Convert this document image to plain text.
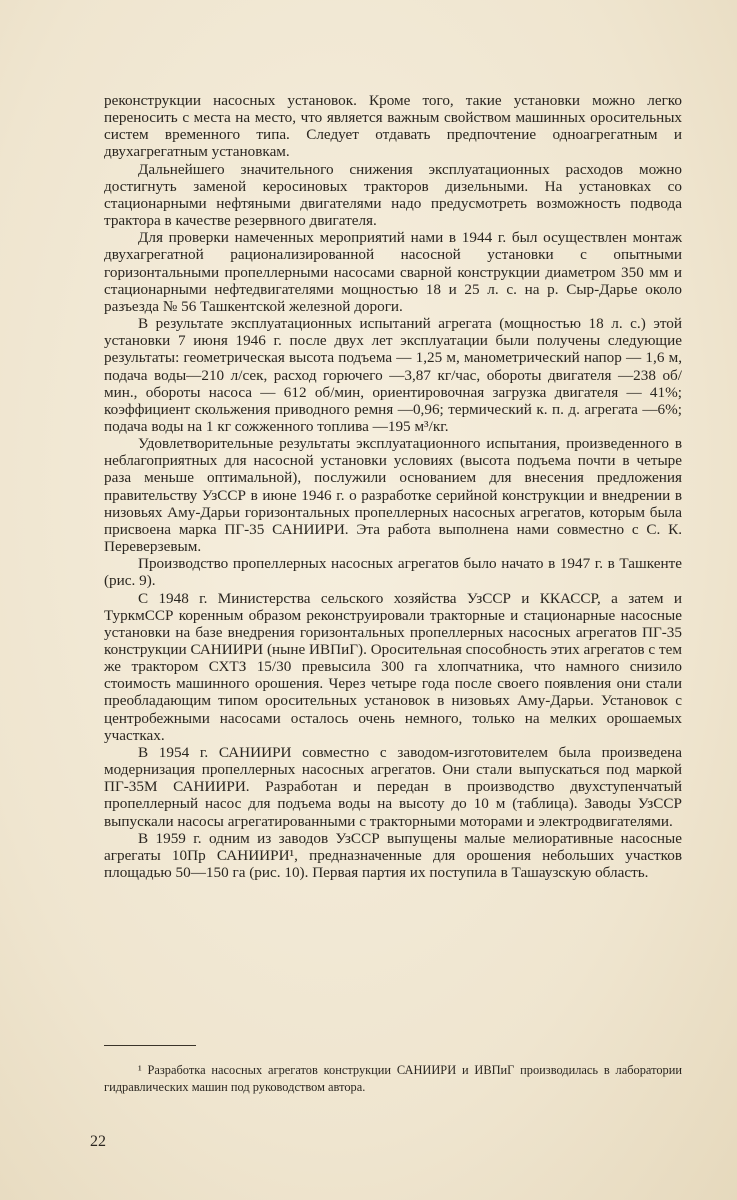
реконструкции насосных установок. Кроме того, такие установки можно легко переносить с места на место, что является важным свойством машинных оросительных систем временного типа. Следует отдавать предпочтение одноагрегатным и двухагрегатным установкам.

Дальнейшего значительного снижения эксплуатационных расходов можно достигнуть заменой керосиновых тракторов дизельными. На установках со стационарными нефтяными двигателями надо предусмотреть возможность подвода трактора в качестве резервного двигателя.

Для проверки намеченных мероприятий нами в 1944 г. был осуществлен монтаж двухагрегатной рационализированной насосной установки с опытными горизонтальными пропеллерными насосами сварной конструкции диаметром 350 мм и стационарными нефтедвигателями мощностью 18 и 25 л. с. на р. Сыр-Дарье около разъезда № 56 Ташкентской железной дороги.

В результате эксплуатационных испытаний агрегата (мощностью 18 л. с.) этой установки 7 июня 1946 г. после двух лет эксплуатации были получены следующие результаты: геометрическая высота подъема — 1,25 м, манометрический напор — 1,6 м, подача воды—210 л/сек, расход горючего —3,87 кг/час, обороты двигателя —238 об/мин., обороты насоса — 612 об/мин, ориентировочная загрузка двигателя — 41%; коэффициент скольжения приводного ремня —0,96; термический к. п. д. агрегата —6%; подача воды на 1 кг сожженного топлива —195 м³/кг.

Удовлетворительные результаты эксплуатационного испытания, произведенного в неблагоприятных для насосной установки условиях (высота подъема почти в четыре раза меньше оптимальной), послужили основанием для внесения предложения правительству УзССР в июне 1946 г. о разработке серийной конструкции и внедрении в низовьях Аму-Дарьи горизонтальных пропеллерных насосных агрегатов, которым была присвоена марка ПГ-35 САНИИРИ. Эта работа выполнена нами совместно с С. К. Переверзевым.

Производство пропеллерных насосных агрегатов было начато в 1947 г. в Ташкенте (рис. 9).

С 1948 г. Министерства сельского хозяйства УзССР и ККАССР, а затем и ТуркмССР коренным образом реконструировали тракторные и стационарные насосные установки на базе внедрения горизонтальных пропеллерных насосных агрегатов ПГ-35 конструкции САНИИРИ (ныне ИВПиГ). Оросительная способность этих агрегатов с тем же трактором СХТЗ 15/30 превысила 300 га хлопчатника, что намного снизило стоимость машинного орошения. Через четыре года после своего появления они стали преобладающим типом оросительных установок в низовьях Аму-Дарьи. Установок с центробежными насосами осталось очень немного, только на мелких орошаемых участках.

В 1954 г. САНИИРИ совместно с заводом-изготовителем была произведена модернизация пропеллерных насосных агрегатов. Они стали выпускаться под маркой ПГ-35М САНИИРИ. Разработан и передан в производство двухступенчатый пропеллерный насос для подъема воды на высоту до 10 м (таблица). Заводы УзССР выпускали насосы агрегатированными с тракторными моторами и электродвигателями.

В 1959 г. одним из заводов УзССР выпущены малые мелиоративные насосные агрегаты 10Пр САНИИРИ¹, предназначенные для орошения небольших участков площадью 50—150 га (рис. 10). Первая партия их поступила в Ташаузскую область.

¹ Разработка насосных агрегатов конструкции САНИИРИ и ИВПиГ производилась в лаборатории гидравлических машин под руководством автора.

22
